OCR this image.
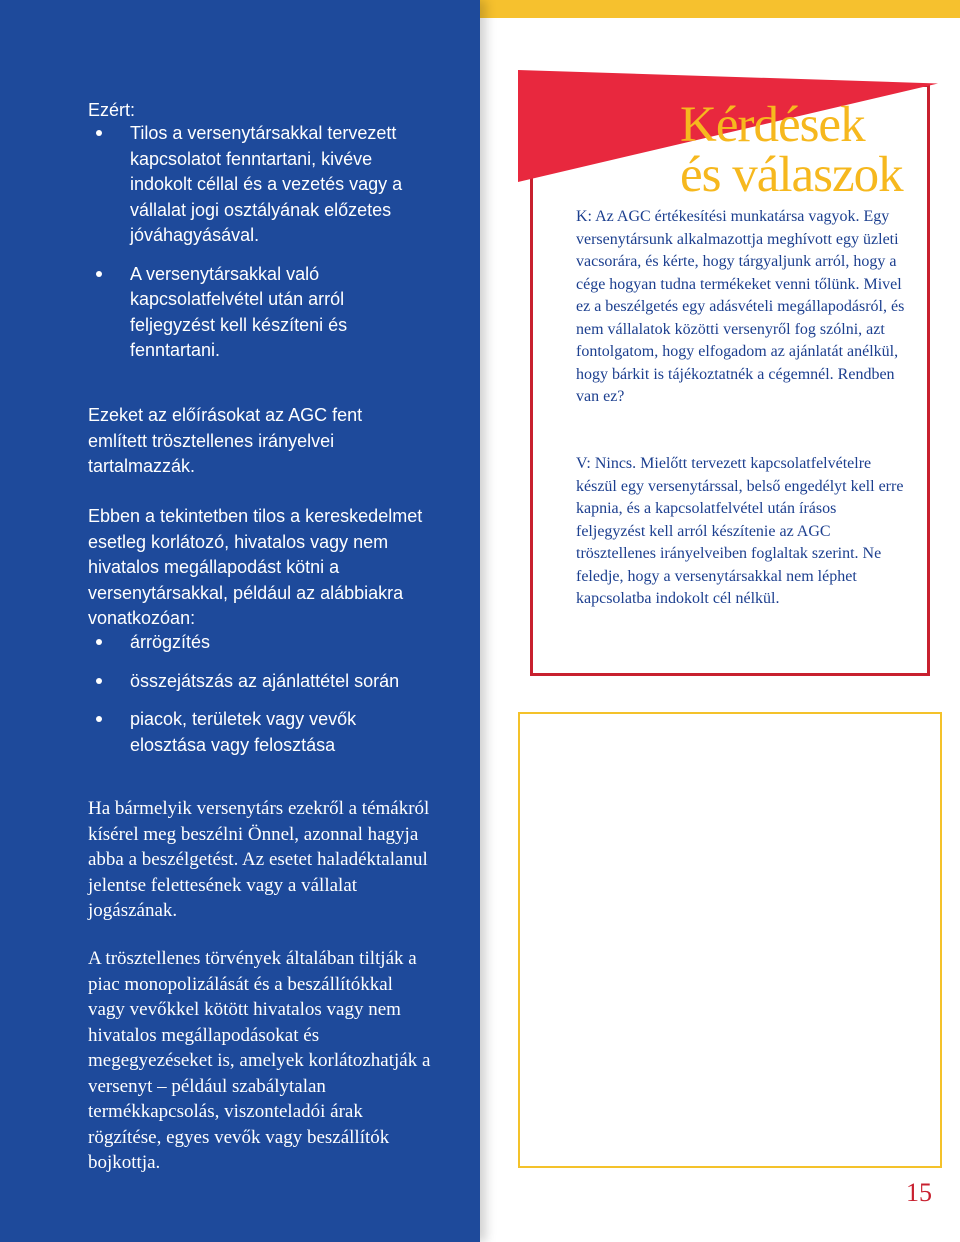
Ezért:

Tilos a versenytársakkal tervezett kapcsolatot fenntartani, kivéve indokolt céllal és a vezetés vagy a vállalat jogi osztályának előzetes jóváhagyásával.
A versenytársakkal való kapcsolatfelvétel után arról feljegyzést kell készíteni és fenntartani.

Ezeket az előírásokat az AGC fent említett trösztellenes irányelvei tartalmazzák.

Ebben a tekintetben tilos a kereskedelmet esetleg korlátozó, hivatalos vagy nem hivatalos megállapodást kötni a versenytársakkal, például az alábbiakra vonatkozóan:

árrögzítés
összejátszás az ajánlattétel során
piacok, területek vagy vevők elosztása vagy felosztása

Ha bármelyik versenytárs ezekről a témákról kísérel meg beszélni Önnel, azonnal hagyja abba a beszélgetést. Az esetet haladéktalanul jelentse felettesének vagy a vállalat jogászának.

A trösztellenes törvények általában tiltják a piac monopolizálását és a beszállítókkal vagy vevőkkel kötött hivatalos vagy nem hivatalos megállapodásokat és megegyezéseket is, amelyek korlátozhatják a versenyt – például szabálytalan termékkapcsolás, viszonteladói árak rögzítése, egyes vevők vagy beszállítók bojkottja.

Kérdések
és válaszok

K: Az AGC értékesítési munkatársa vagyok. Egy versenytársunk alkalmazottja meghívott egy üzleti vacsorára, és kérte, hogy tárgyaljunk arról, hogy a cége hogyan tudna termékeket venni tőlünk. Mivel ez a beszélgetés egy adásvételi megállapodásról, és nem vállalatok közötti versenyről fog szólni, azt fontolgatom, hogy elfogadom az ajánlatát anélkül, hogy bárkit is tájékoztatnék a cégemnél. Rendben van ez?

V: Nincs. Mielőtt tervezett kapcsolatfelvételre készül egy versenytárssal, belső engedélyt kell erre kapnia, és a kapcsolatfelvétel után írásos feljegyzést kell arról készítenie az AGC trösztellenes irányelveiben foglaltak szerint. Ne feledje, hogy a versenytársakkal nem léphet kapcsolatba indokolt cél nélkül.

15
